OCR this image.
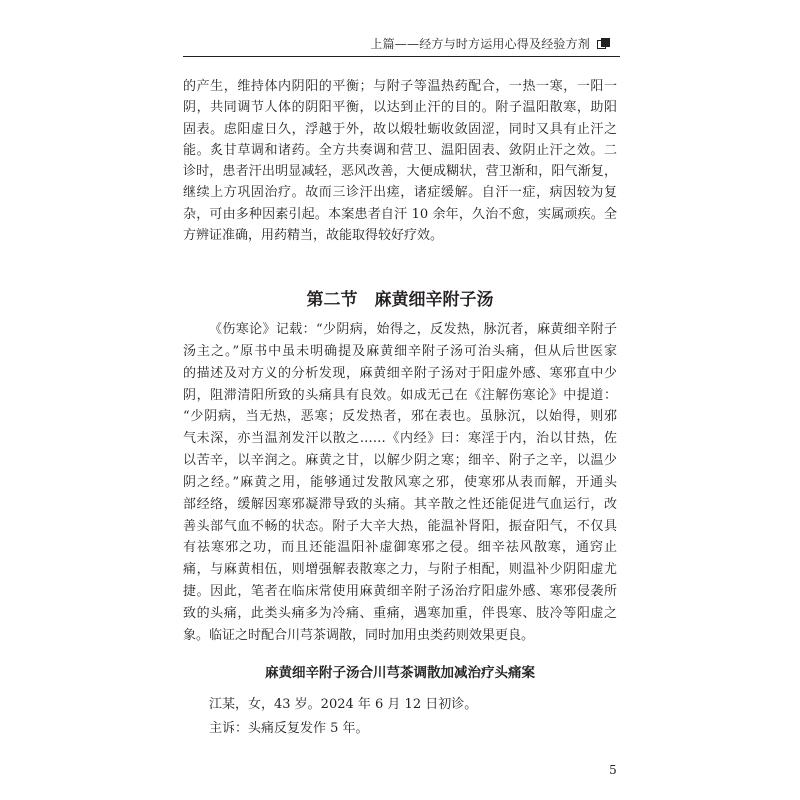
上篇——经方与时方运用心得及经验方剂
的产生，维持体内阴阳的平衡；与附子等温热药配合，一热一寒，一阳一
阴，共同调节人体的阴阳平衡，以达到止汗的目的。附子温阳散寒，助阳
固表。虑阳虚日久，浮越于外，故以煅牡蛎收敛固涩，同时又具有止汗之
能。炙甘草调和诸药。全方共奏调和营卫、温阳固表、敛阴止汗之效。二
诊时，患者汗出明显减轻，恶风改善，大便成糊状，营卫渐和，阳气渐复，
继续上方巩固治疗。故而三诊汗出瘥，诸症缓解。自汗一症，病因较为复
杂，可由多种因素引起。本案患者自汗 10 余年，久治不愈，实属顽疾。全
方辨证准确，用药精当，故能取得较好疗效。
第二节　麻黄细辛附子汤
《伤寒论》记载：“少阴病，始得之，反发热，脉沉者，麻黄细辛附子
汤主之。”原书中虽未明确提及麻黄细辛附子汤可治头痛，但从后世医家
的描述及对方义的分析发现，麻黄细辛附子汤对于阳虚外感、寒邪直中少
阴，阻滞清阳所致的头痛具有良效。如成无己在《注解伤寒论》中提道：
“少阴病，当无热，恶寒；反发热者，邪在表也。虽脉沉，以始得，则邪
气未深，亦当温剂发汗以散之……《内经》曰：寒淫于内，治以甘热，佐
以苦辛，以辛润之。麻黄之甘，以解少阴之寒；细辛、附子之辛，以温少
阴之经。”麻黄之用，能够通过发散风寒之邪，使寒邪从表而解，开通头
部经络，缓解因寒邪凝滞导致的头痛。其辛散之性还能促进气血运行，改
善头部气血不畅的状态。附子大辛大热，能温补肾阳，振奋阳气，不仅具
有祛寒邪之功，而且还能温阳补虚御寒邪之侵。细辛祛风散寒，通窍止
痛，与麻黄相伍，则增强解表散寒之力，与附子相配，则温补少阴阳虚尤
捷。因此，笔者在临床常使用麻黄细辛附子汤治疗阳虚外感、寒邪侵袭所
致的头痛，此类头痛多为冷痛、重痛，遇寒加重，伴畏寒、肢冷等阳虚之
象。临证之时配合川芎茶调散，同时加用虫类药则效果更良。
麻黄细辛附子汤合川芎茶调散加减治疗头痛案
江某，女，43 岁。2024 年 6 月 12 日初诊。
主诉：头痛反复发作 5 年。
5
